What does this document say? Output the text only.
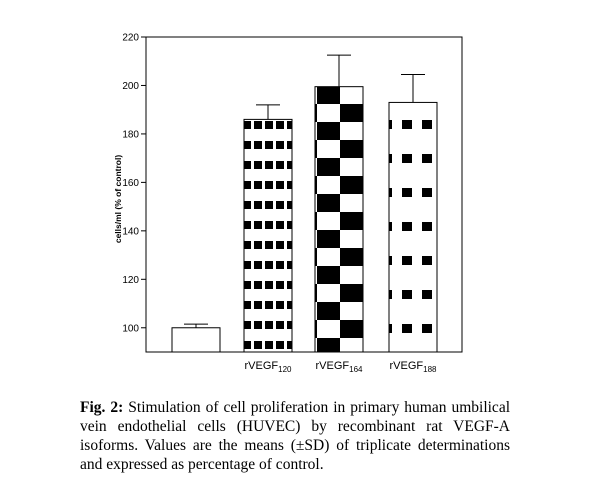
100
120
140
160
180
200
220
rVEGF$_{120}$ rVEGF$_{164}$ rVEGF$_{188}$
cells/ml (% of control)

Fig. 2: Stimulation of cell proliferation in primary human umbilical vein endothelial cells (HUVEC) by recombinant rat VEGF-A isoforms. Values are the means (±SD) of triplicate determinations and expressed as percentage of control.
